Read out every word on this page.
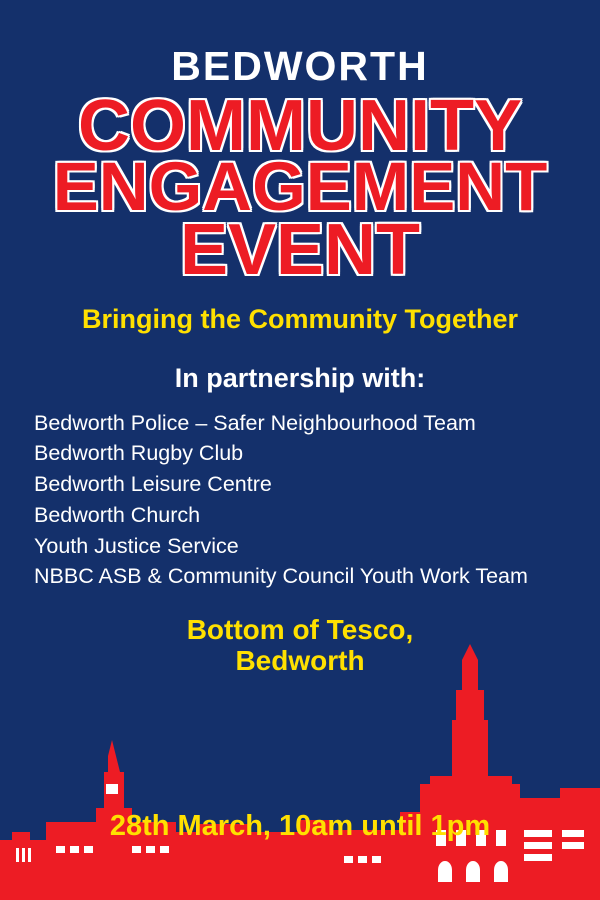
BEDWORTH
COMMUNITY
ENGAGEMENT
EVENT

Bringing the Community Together

In partnership with:

Bedworth Police – Safer Neighbourhood Team
Bedworth Rugby Club
Bedworth Leisure Centre
Bedworth Church
Youth Justice Service
NBBC ASB & Community Council Youth Work Team

Bottom of Tesco,
Bedworth

28th March, 10am until 1pm
